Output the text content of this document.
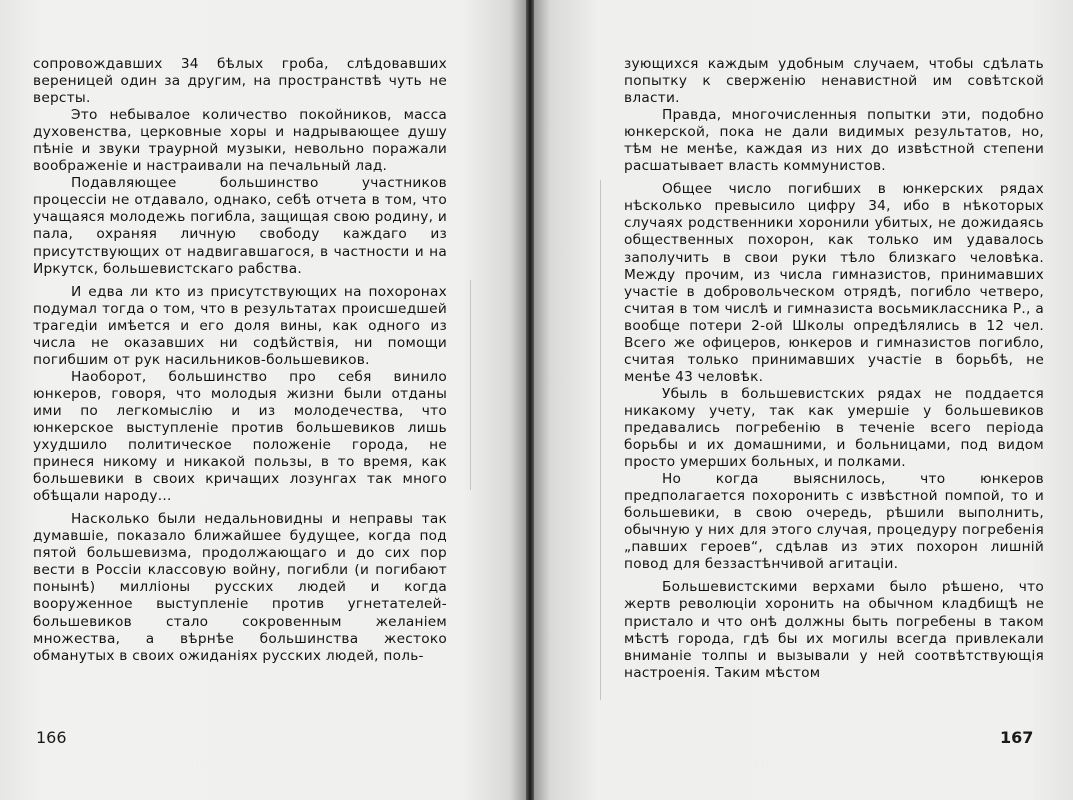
сопровождавших 34 бѣлых гроба, слѣдовавших вереницей один за другим, на пространствѣ чуть не версты.

Это небывалое количество покойников, масса духовенства, церковные хоры и надрывающее душу пѣніе и звуки траурной музыки, невольно поражали воображеніе и настраивали на печальный лад.

Подавляющее большинство участников процессіи не отдавало, однако, себѣ отчета в том, что учащаяся молодежь погибла, защищая свою родину, и пала, охраняя личную свободу каждаго из присутствующих от надвигавшагося, в частности и на Иркутск, большевистскаго рабства.

И едва ли кто из присутствующих на похоронах подумал тогда о том, что в результатах происшедшей трагедіи имѣется и его доля вины, как одного из числа не оказавших ни содѣйствія, ни помощи погибшим от рук насильников-большевиков.

Наоборот, большинство про себя винило юнкеров, говоря, что молодыя жизни были отданы ими по легкомыслію и из молодечества, что юнкерское выступленіе против большевиков лишь ухудшило политическое положеніе города, не принеся никому и никакой пользы, в то время, как большевики в своих кричащих лозунгах так много обѣщали народу...

Насколько были недальновидны и неправы так думавшіе, показало ближайшее будущее, когда под пятой большевизма, продолжающаго и до сих пор вести в Россіи классовую войну, погибли (и погибают понынѣ) милліоны русских людей и когда вооруженное выступленіе против угнетателей-большевиков стало сокровенным желаніем множества, а вѣрнѣе большинства жестоко обманутых в своих ожиданіях русских людей, поль-

166

зующихся каждым удобным случаем, чтобы сдѣлать попытку к сверженію ненавистной им совѣтской власти.

Правда, многочисленныя попытки эти, подобно юнкерской, пока не дали видимых результатов, но, тѣм не менѣе, каждая из них до извѣстной степени расшатывает власть коммунистов.

Общее число погибших в юнкерских рядах нѣсколько превысило цифру 34, ибо в нѣкоторых случаях родственники хоронили убитых, не дожидаясь общественных похорон, как только им удавалось заполучить в свои руки тѣло близкаго человѣка. Между прочим, из числа гимназистов, принимавших участіе в добровольческом отрядѣ, погибло четверо, считая в том числѣ и гимназиста восьмиклассника Р., а вообще потери 2-ой Школы опредѣлялись в 12 чел. Всего же офицеров, юнкеров и гимназистов погибло, считая только принимавших участіе в борьбѣ, не менѣе 43 человѣк.

Убыль в большевистских рядах не поддается никакому учету, так как умершіе у большевиков предавались погребенію в теченіе всего періода борьбы и их домашними, и больницами, под видом просто умерших больных, и полками.

Но когда выяснилось, что юнкеров предполагается похоронить с извѣстной помпой, то и большевики, в свою очередь, рѣшили выполнить, обычную у них для этого случая, процедуру погребенія „павших героев“, сдѣлав из этих похорон лишній повод для беззастѣнчивой агитаціи.

Большевистскими верхами было рѣшено, что жертв революціи хоронить на обычном кладбищѣ не пристало и что онѣ должны быть погребены в таком мѣстѣ города, гдѣ бы их могилы всегда привлекали вниманіе толпы и вызывали у ней соотвѣтствующія настроенія. Таким мѣстом

167
